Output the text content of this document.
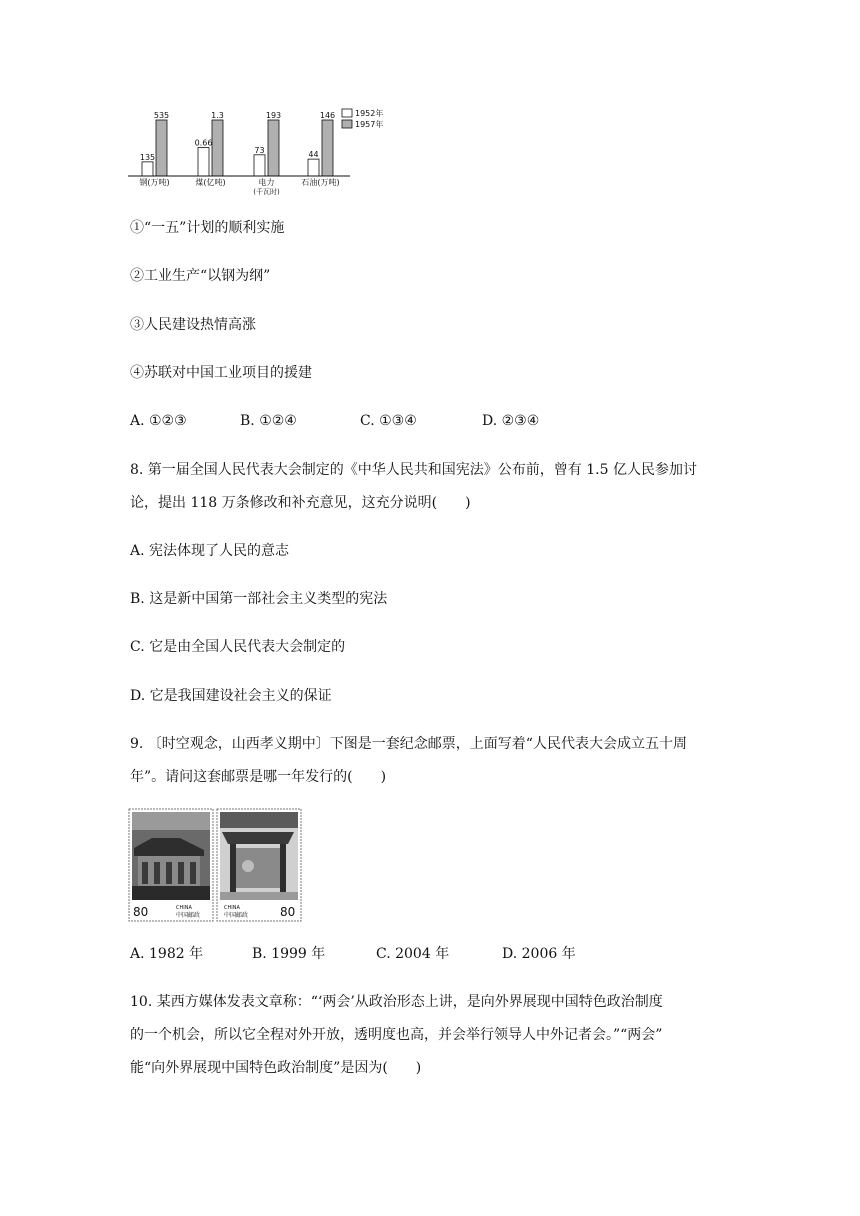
135
535
0.66
1.3
73
193
44
146
钢(万吨)	煤(亿吨)	电力
(千瓦时)
石油(万吨)
1952年
1957年
①“一五”计划的顺利实施
②工业生产“以钢为纲”
③人民建设热情高涨
④苏联对中国工业项目的援建
A. ①②③	B. ①②④	C. ①③④	D. ②③④
8. 第一届全国人民代表大会制定的《中华人民共和国宪法》公布前，曾有 1.5 亿人民参加讨
论，提出 118 万条修改和补充意见，这充分说明(　　)
A. 宪法体现了人民的意志
B. 这是新中国第一部社会主义类型的宪法
C. 它是由全国人民代表大会制定的
D. 它是我国建设社会主义的保证
9. 〔时空观念，山西孝义期中〕下图是一套纪念邮票，上面写着“人民代表大会成立五十周
年”。请问这套邮票是哪一年发行的(　　)
80	CHINA
中国邮政	80
CHINA
中国邮政
A. 1982 年	B. 1999 年	C. 2004 年	D. 2006 年
10. 某西方媒体发表文章称：“‘两会’从政治形态上讲，是向外界展现中国特色政治制度
的一个机会，所以它全程对外开放，透明度也高，并会举行领导人中外记者会。”“两会”
能“向外界展现中国特色政治制度”是因为(　　)
